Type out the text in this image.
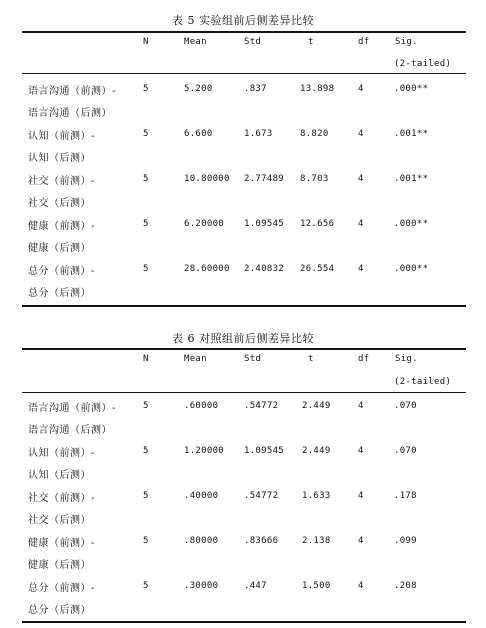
表 5 实验组前后侧差异比较
N	Mean	Std	t	df	Sig.
(2-tailed)
语言沟通（前测）-
语言沟通（后测）
5	5.200	.837	13.898	4	.000**
认知（前测）-
认知（后测）
5	6.600	1.673	8.820	4	.001**
社交（前测）-
社交（后测）
5	10.80000 2.77489 8.703	4	.001**
健康（前测）-
健康（后测）
5	6.20000 1.09545 12.656	4	.000**
总分（前测）-
总分（后测）
5	28.60000 2.40832 26.554	4	.000**
表 6 对照组前后侧差异比较
N	Mean	Std	t	df	Sig.
(2-tailed)
语言沟通（前测）-
语言沟通（后测）
5	.60000	.54772	2.449	4	.070
认知（前测）-
认知（后测）
5	1.20000 1.09545 2.449	4	.070
社交（前测）-
社交（后测）
5	.40000	.54772	1.633	4	.178
健康（前测）-
健康（后测）
5	.80000	.83666	2.138	4	.099
总分（前测）-
总分（后测）
5	.30000	.447	1.500	4	.208
